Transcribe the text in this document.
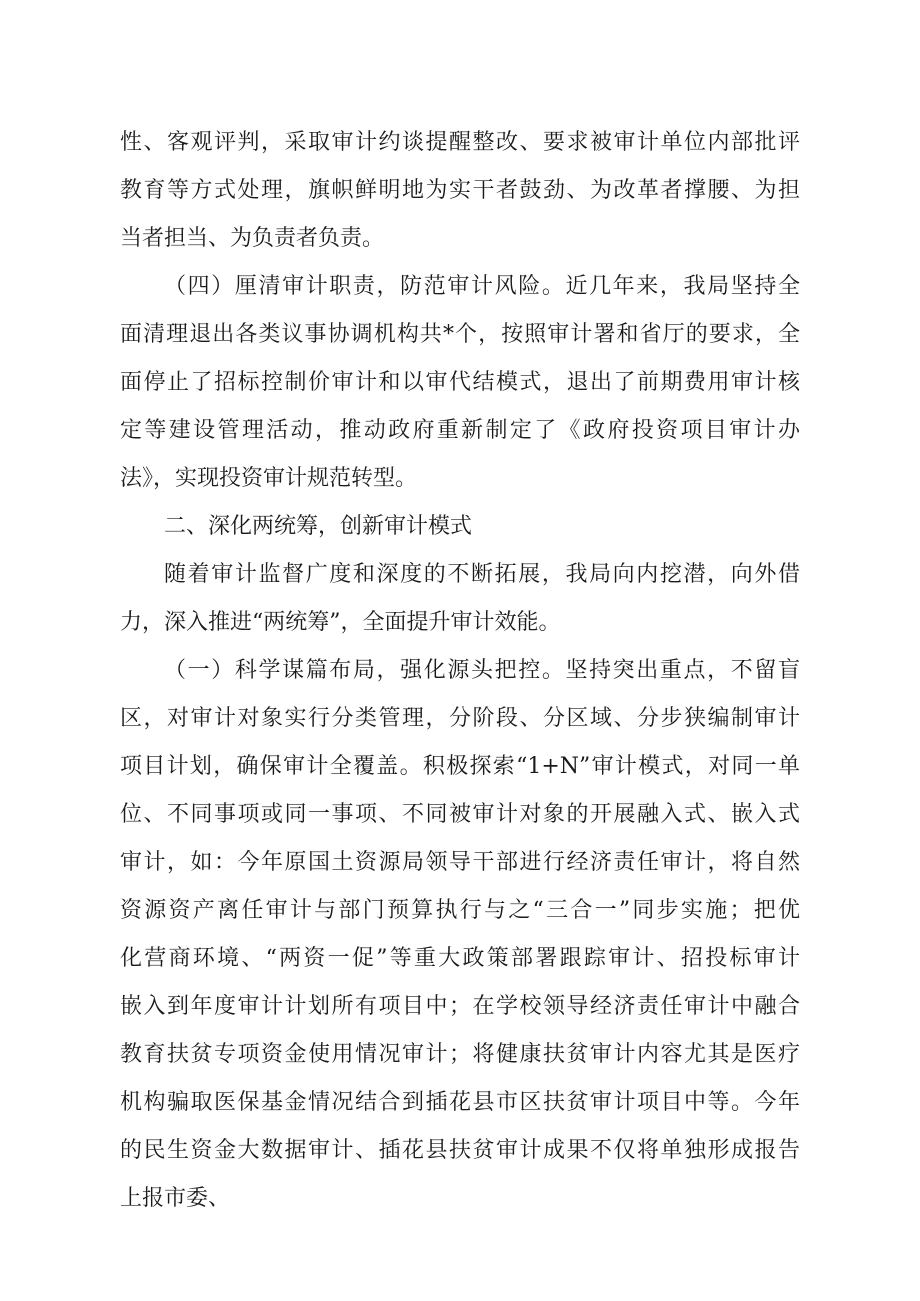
性、客观评判，采取审计约谈提醒整改、要求被审计单位内部批评
教育等方式处理，旗帜鲜明地为实干者鼓劲、为改革者撑腰、为担
当者担当、为负责者负责。
（四）厘清审计职责，防范审计风险。近几年来，我局坚持全
面清理退出各类议事协调机构共*个，按照审计署和省厅的要求，全
面停止了招标控制价审计和以审代结模式，退出了前期费用审计核
定等建设管理活动，推动政府重新制定了《政府投资项目审计办
法》，实现投资审计规范转型。
二、深化两统筹，创新审计模式
随着审计监督广度和深度的不断拓展，我局向内挖潜，向外借
力，深入推进“两统筹”，全面提升审计效能。
（一）科学谋篇布局，强化源头把控。坚持突出重点，不留盲
区，对审计对象实行分类管理，分阶段、分区域、分步狭编制审计
项目计划，确保审计全覆盖。积极探索“1+N”审计模式，对同一单
位、不同事项或同一事项、不同被审计对象的开展融入式、嵌入式
审计，如：今年原国土资源局领导干部进行经济责任审计，将自然
资源资产离任审计与部门预算执行与之“三合一”同步实施；把优
化营商环境、“两资一促”等重大政策部署跟踪审计、招投标审计
嵌入到年度审计计划所有项目中；在学校领导经济责任审计中融合
教育扶贫专项资金使用情况审计；将健康扶贫审计内容尤其是医疗
机构骗取医保基金情况结合到插花县市区扶贫审计项目中等。今年
的民生资金大数据审计、插花县扶贫审计成果不仅将单独形成报告
上报市委、
